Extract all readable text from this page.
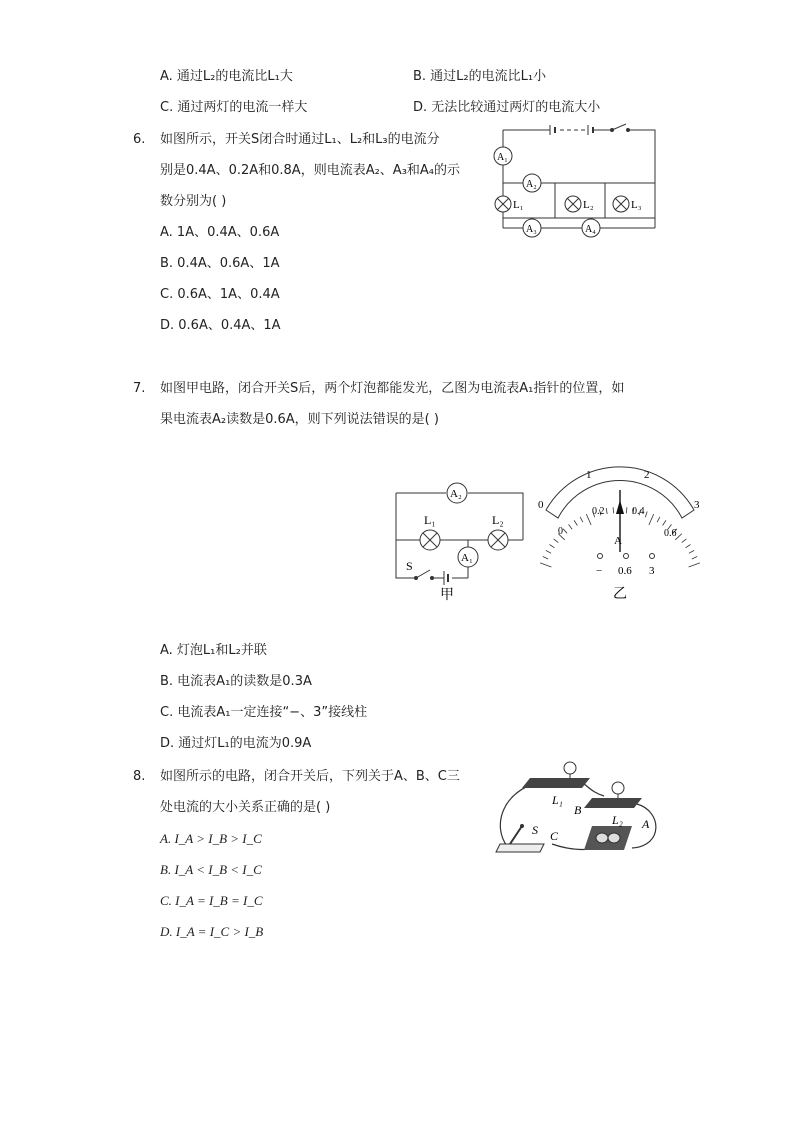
A. 通过L₂的电流比L₁大	B. 通过L₂的电流比L₁小
C. 通过两灯的电流一样大	D. 无法比较通过两灯的电流大小
6. 如图所示，开关S闭合时通过L₁、L₂和L₃的电流分
别是0.4A、0.2A和0.8A，则电流表A₂、A₃和A₄的示
数分别为( )
A. 1A、0.4A、0.6A
B. 0.4A、0.6A、1A
C. 0.6A、1A、0.4A
D. 0.6A、0.4A、1A
A₁
A₂
L₁	L₂	L₃
A₃	A₄
7. 如图甲电路，闭合开关S后，两个灯泡都能发光，乙图为电流表A₁指针的位置，如
果电流表A₂读数是0.6A，则下列说法错误的是( )
A₂
L₁	L₂
A₁
S
甲
0
1	2
3
0
0.2	0.4
0.6
A
− 0.6 3
乙
A. 灯泡L₁和L₂并联
B. 电流表A₁的读数是0.3A
C. 电流表A₁一定连接“−、3”接线柱
D. 通过灯L₁的电流为0.9A
8. 如图所示的电路，闭合开关后，下列关于A、B、C三
处电流的大小关系正确的是( )
A. I_A > I_B > I_C
B. I_A < I_B < I_C
C. I_A = I_B = I_C
D. I_A = I_C > I_B
L₁
B
L₂ A
C
S
